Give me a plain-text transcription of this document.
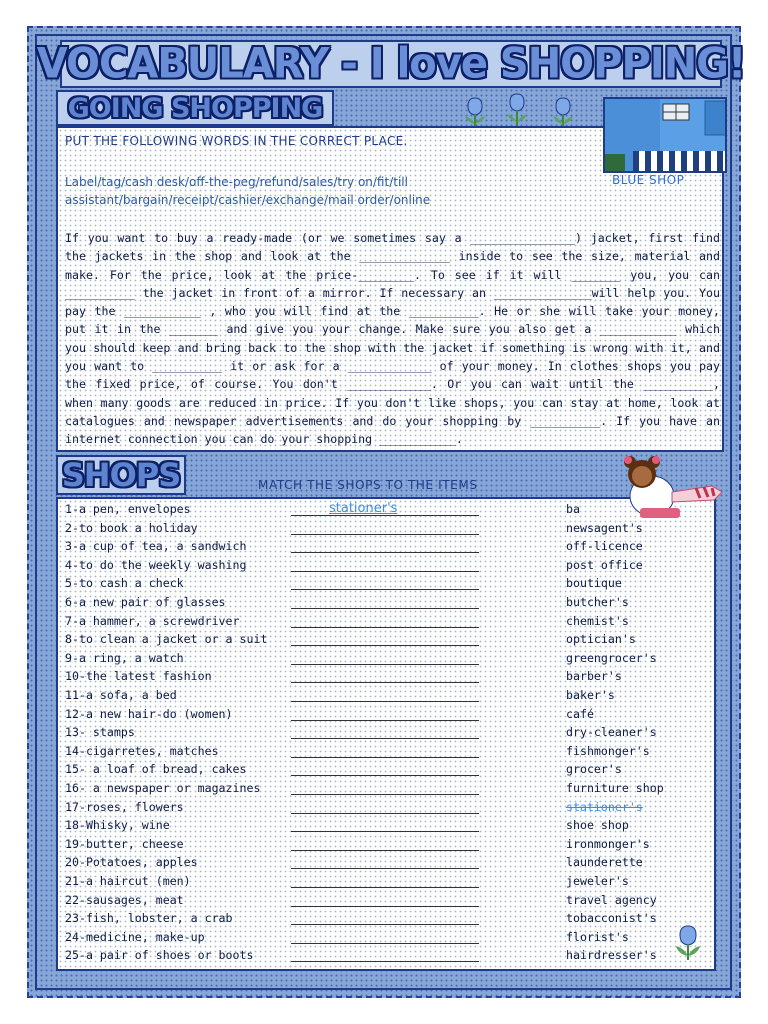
VOCABULARY - I love SHOPPING!
GOING SHOPPING
PUT THE FOLLOWING WORDS IN THE CORRECT PLACE.
Label/tag/cash desk/off-the-peg/refund/sales/try on/fit/till assistant/bargain/receipt/cashier/exchange/mail order/online
BLUE SHOP
If you want to buy a ready-made (or we sometimes say a _______________) jacket, first find the jackets in the shop and look at the _____________ inside to see the size, material and make. For the price, look at the price-________. To see if it will _______ you, you can __________ the jacket in front of a mirror. If necessary an ______________will help you. You pay the ___________ , who you will find at the __________. He or she will take your money, put it in the _______ and give you your change. Make sure you also get a ___________ which you should keep and bring back to the shop with the jacket if something is wrong with it, and you want to __________ it or ask for a ____________ of your money. In clothes shops you pay the fixed price, of course. You don't ____________. Or you can wait until the __________, when many goods are reduced in price. If you don't like shops, you can stay at home, look at catalogues and newspaper advertisements and do your shopping by __________. If you have an internet connection you can do your shopping ___________.
SHOPS	MATCH THE SHOPS TO THE ITEMS
1-a pen, envelopes	stationer's	ba
2-to book a holiday	newsagent's
3-a cup of tea, a sandwich	off-licence
4-to do the weekly washing	post office
5-to cash a check	boutique
6-a new pair of glasses	butcher's
7-a hammer, a screwdriver	chemist's
8-to clean a jacket or a suit	optician's
9-a ring, a watch	greengrocer's
10-the latest fashion	barber's
11-a sofa, a bed	baker's
12-a new hair-do (women)	café
13- stamps	dry-cleaner's
14-cigarretes, matches	fishmonger's
15- a loaf of bread, cakes	grocer's
16- a newspaper or magazines	furniture shop
17-roses, flowers	stationer's
18-Whisky, wine	shoe shop
19-butter, cheese	ironmonger's
20-Potatoes, apples	launderette
21-a haircut (men)	jeweler's
22-sausages, meat	travel agency
23-fish, lobster, a crab	tobacconist's
24-medicine, make-up	florist's
25-a pair of shoes or boots	hairdresser's
